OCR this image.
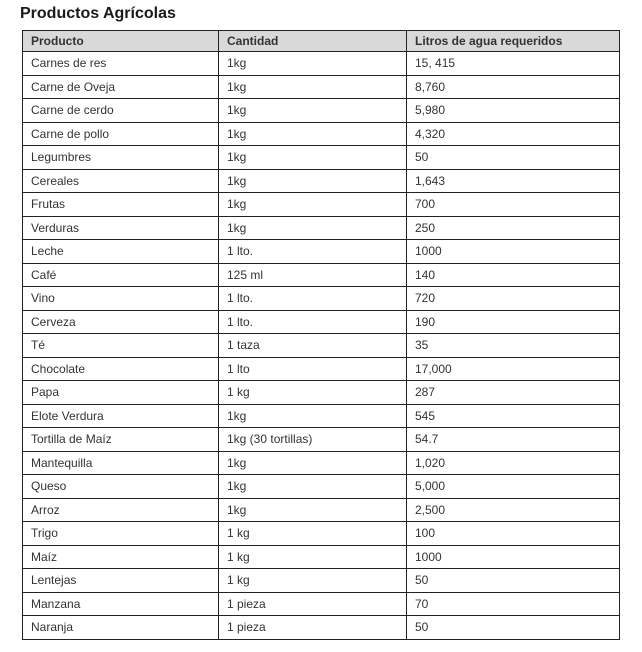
Productos Agrícolas
Producto	Cantidad	Litros de agua requeridos
Carnes de res	1kg	15, 415
Carne de Oveja	1kg	8,760
Carne de cerdo	1kg	5,980
Carne de pollo	1kg	4,320
Legumbres	1kg	50
Cereales	1kg	1,643
Frutas	1kg	700
Verduras	1kg	250
Leche	1 lto.	1000
Café	125 ml	140
Vino	1 lto.	720
Cerveza	1 lto.	190
Té	1 taza	35
Chocolate	1 lto	17,000
Papa	1 kg	287
Elote Verdura	1kg	545
Tortilla de Maíz	1kg (30 tortillas)	54.7
Mantequilla	1kg	1,020
Queso	1kg	5,000
Arroz	1kg	2,500
Trigo	1 kg	100
Maíz	1 kg	1000
Lentejas	1 kg	50
Manzana	1 pieza	70
Naranja	1 pieza	50
